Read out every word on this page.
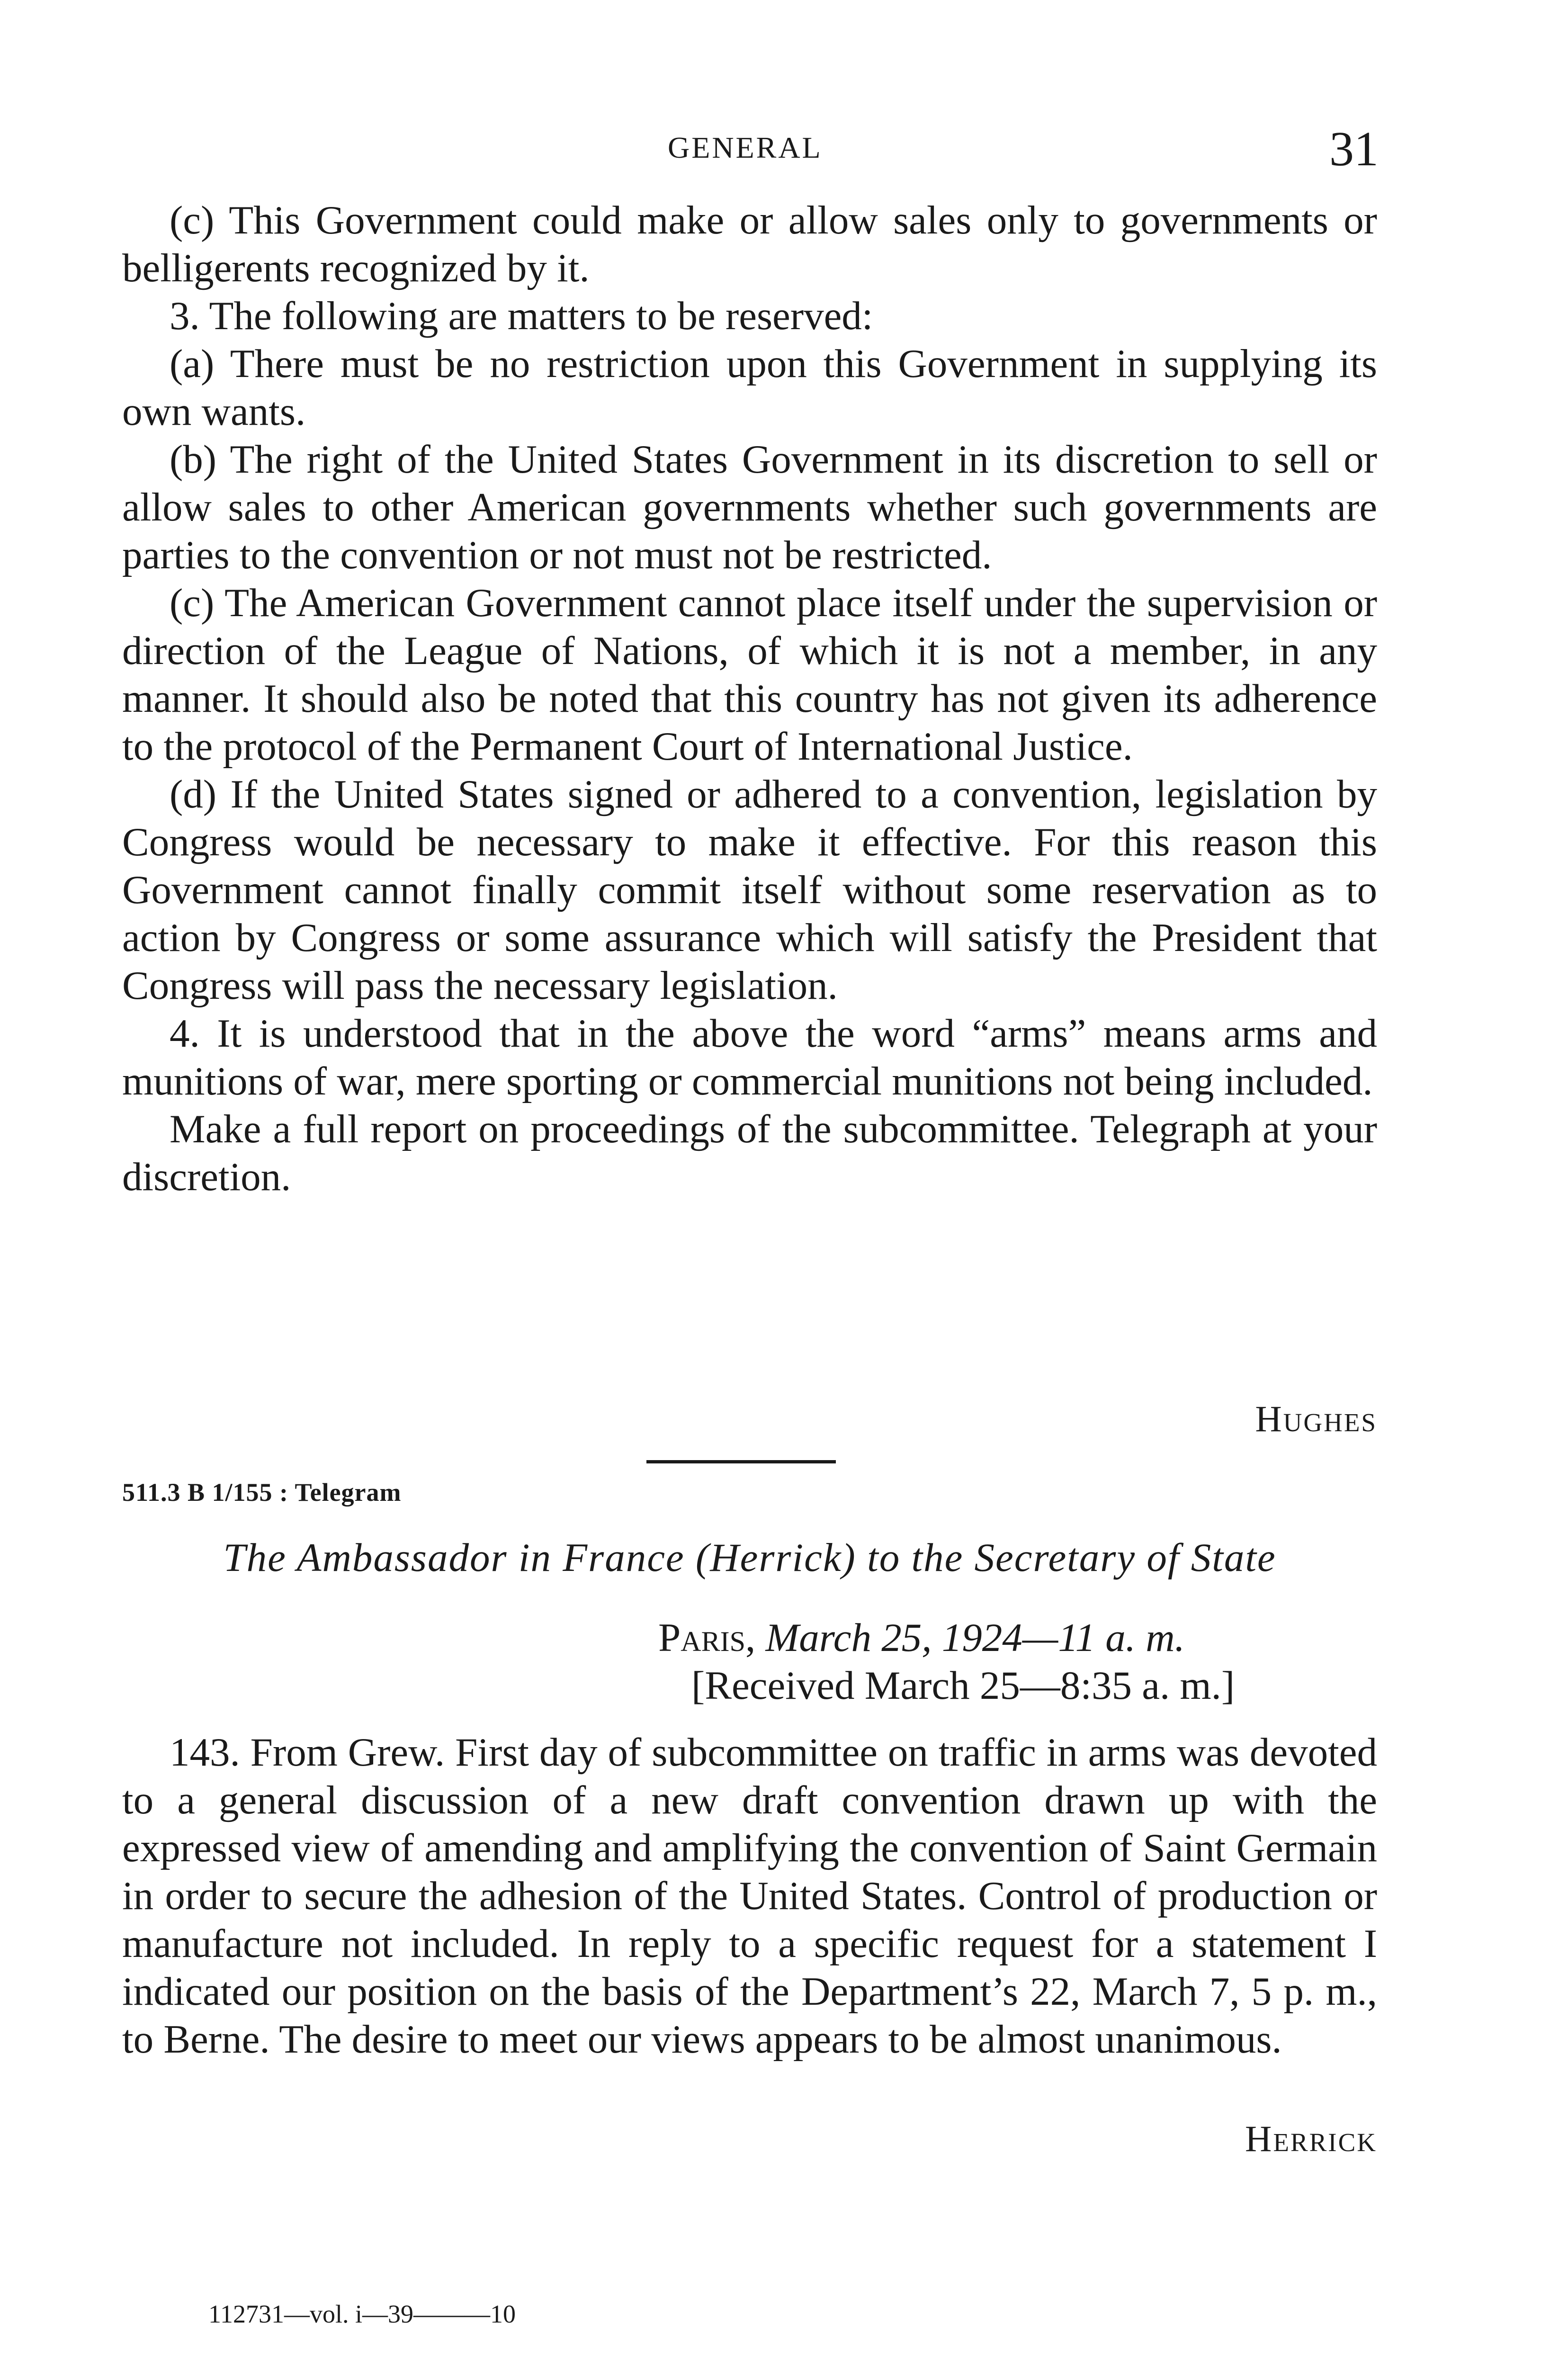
GENERAL	31

(c) This Government could make or allow sales only to governments or belligerents recognized by it.

3. The following are matters to be reserved:

(a) There must be no restriction upon this Government in supplying its own wants.

(b) The right of the United States Government in its discretion to sell or allow sales to other American governments whether such governments are parties to the convention or not must not be restricted.

(c) The American Government cannot place itself under the supervision or direction of the League of Nations, of which it is not a member, in any manner. It should also be noted that this country has not given its adherence to the protocol of the Permanent Court of International Justice.

(d) If the United States signed or adhered to a convention, legislation by Congress would be necessary to make it effective. For this reason this Government cannot finally commit itself without some reservation as to action by Congress or some assurance which will satisfy the President that Congress will pass the necessary legislation.

4. It is understood that in the above the word “arms” means arms and munitions of war, mere sporting or commercial munitions not being included.

Make a full report on proceedings of the subcommittee. Telegraph at your discretion.

Hughes
511.3 B 1/155 : Telegram
The Ambassador in France (Herrick) to the Secretary of State
Paris, March 25, 1924—11 a. m.
[Received March 25—8:35 a. m.]

143. From Grew. First day of subcommittee on traffic in arms was devoted to a general discussion of a new draft convention drawn up with the expressed view of amending and amplifying the convention of Saint Germain in order to secure the adhesion of the United States. Control of production or manufacture not included. In reply to a specific request for a statement I indicated our position on the basis of the Department’s 22, March 7, 5 p. m., to Berne. The desire to meet our views appears to be almost unanimous.

Herrick
112731—vol. i—39———10
